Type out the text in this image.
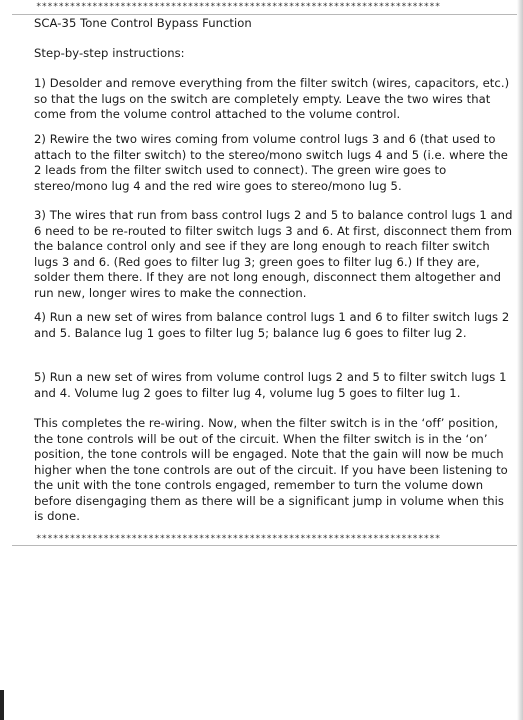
************************************************************************
SCA-35 Tone Control Bypass Function
Step-by-step instructions:
1) Desolder and remove everything from the filter switch (wires, capacitors, etc.) so that the lugs on the switch are completely empty. Leave the two wires that come from the volume control attached to the volume control.
2) Rewire the two wires coming from volume control lugs 3 and 6 (that used to attach to the filter switch) to the stereo/mono switch lugs 4 and 5 (i.e. where the 2 leads from the filter switch used to connect). The green wire goes to stereo/mono lug 4 and the red wire goes to stereo/mono lug 5.
3) The wires that run from bass control lugs 2 and 5 to balance control lugs 1 and 6 need to be re-routed to filter switch lugs 3 and 6. At first, disconnect them from the balance control only and see if they are long enough to reach filter switch lugs 3 and 6. (Red goes to filter lug 3; green goes to filter lug 6.) If they are, solder them there. If they are not long enough, disconnect them altogether and run new, longer wires to make the connection.
4) Run a new set of wires from balance control lugs 1 and 6 to filter switch lugs 2 and 5. Balance lug 1 goes to filter lug 5; balance lug 6 goes to filter lug 2.
5) Run a new set of wires from volume control lugs 2 and 5 to filter switch lugs 1 and 4. Volume lug 2 goes to filter lug 4, volume lug 5 goes to filter lug 1.
This completes the re-wiring. Now, when the filter switch is in the ‘off’ position, the tone controls will be out of the circuit. When the filter switch is in the ‘on’ position, the tone controls will be engaged. Note that the gain will now be much higher when the tone controls are out of the circuit. If you have been listening to the unit with the tone controls engaged, remember to turn the volume down before disengaging them as there will be a significant jump in volume when this is done.
************************************************************************
